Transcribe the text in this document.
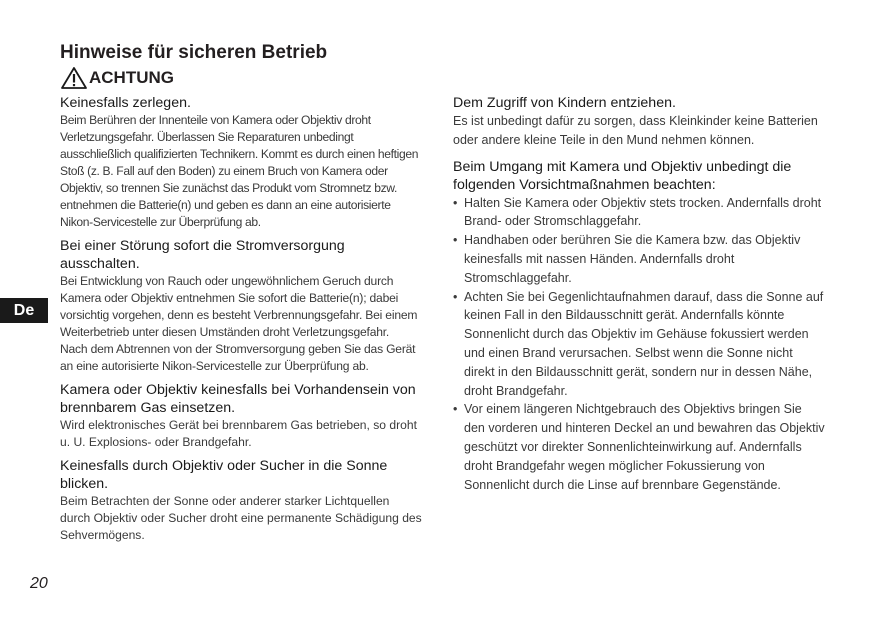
Hinweise für sicheren Betrieb
ACHTUNG
De
Keinesfalls zerlegen.

Beim Berühren der Innenteile von Kamera oder Objektiv droht Verletzungsgefahr. Überlassen Sie Reparaturen unbedingt ausschließlich qualifizierten Technikern. Kommt es durch einen heftigen Stoß (z. B. Fall auf den Boden) zu einem Bruch von Kamera oder Objektiv, so trennen Sie zunächst das Produkt vom Stromnetz bzw. entnehmen die Batterie(n) und geben es dann an eine autorisierte Nikon-Servicestelle zur Überprüfung ab.

Bei einer Störung sofort die Stromversorgung ausschalten.

Bei Entwicklung von Rauch oder ungewöhnlichem Geruch durch Kamera oder Objektiv entnehmen Sie sofort die Batterie(n); dabei vorsichtig vorgehen, denn es besteht Verbrennungsgefahr. Bei einem Weiterbetrieb unter diesen Umständen droht Verletzungsgefahr.

Nach dem Abtrennen von der Stromversorgung geben Sie das Gerät an eine autorisierte Nikon-Servicestelle zur Überprüfung ab.

Kamera oder Objektiv keinesfalls bei Vorhandensein von brennbarem Gas einsetzen.

Wird elektronisches Gerät bei brennbarem Gas betrieben, so droht u. U. Explosions- oder Brandgefahr.

Keinesfalls durch Objektiv oder Sucher in die Sonne blicken.

Beim Betrachten der Sonne oder anderer starker Lichtquellen durch Objektiv oder Sucher droht eine permanente Schädigung des Sehvermögens.

Dem Zugriff von Kindern entziehen.

Es ist unbedingt dafür zu sorgen, dass Kleinkinder keine Batterien oder andere kleine Teile in den Mund nehmen können.

Beim Umgang mit Kamera und Objektiv unbedingt die folgenden Vorsichtmaßnahmen beachten:
• Halten Sie Kamera oder Objektiv stets trocken. Andernfalls droht Brand- oder Stromschlaggefahr.
• Handhaben oder berühren Sie die Kamera bzw. das Objektiv keinesfalls mit nassen Händen. Andernfalls droht Stromschlaggefahr.
• Achten Sie bei Gegenlichtaufnahmen darauf, dass die Sonne auf keinen Fall in den Bildausschnitt gerät. Andernfalls könnte Sonnenlicht durch das Objektiv im Gehäuse fokussiert werden und einen Brand verursachen. Selbst wenn die Sonne nicht direkt in den Bildausschnitt gerät, sondern nur in dessen Nähe, droht Brandgefahr.
• Vor einem längeren Nichtgebrauch des Objektivs bringen Sie den vorderen und hinteren Deckel an und bewahren das Objektiv geschützt vor direkter Sonnenlichteinwirkung auf. Andernfalls droht Brandgefahr wegen möglicher Fokussierung von Sonnenlicht durch die Linse auf brennbare Gegenstände.
20
